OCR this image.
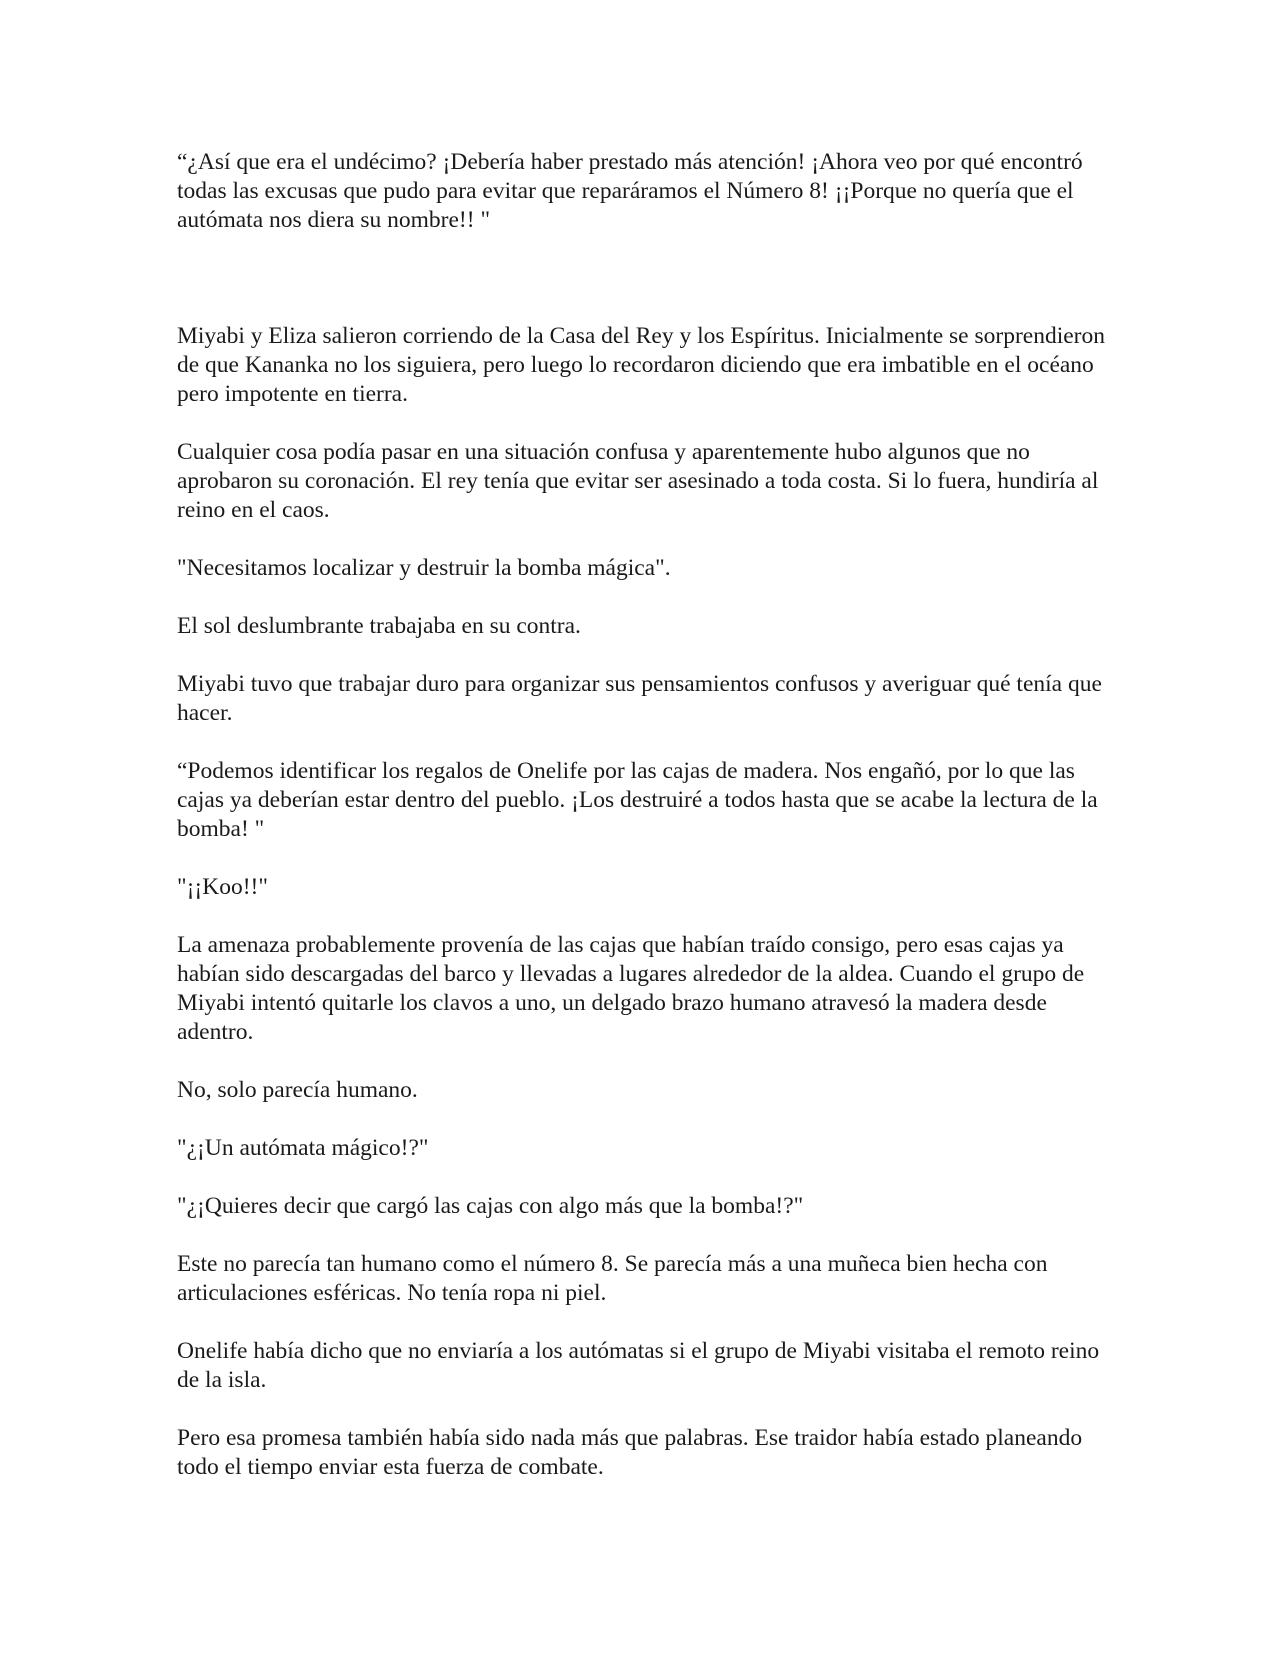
“¿Así que era el undécimo? ¡Debería haber prestado más atención! ¡Ahora veo por qué encontró todas las excusas que pudo para evitar que reparáramos el Número 8! ¡¡Porque no quería que el autómata nos diera su nombre!! "

Miyabi y Eliza salieron corriendo de la Casa del Rey y los Espíritus. Inicialmente se sorprendieron de que Kananka no los siguiera, pero luego lo recordaron diciendo que era imbatible en el océano pero impotente en tierra.

Cualquier cosa podía pasar en una situación confusa y aparentemente hubo algunos que no aprobaron su coronación. El rey tenía que evitar ser asesinado a toda costa. Si lo fuera, hundiría al reino en el caos.

"Necesitamos localizar y destruir la bomba mágica".

El sol deslumbrante trabajaba en su contra.

Miyabi tuvo que trabajar duro para organizar sus pensamientos confusos y averiguar qué tenía que hacer.

“Podemos identificar los regalos de Onelife por las cajas de madera. Nos engañó, por lo que las cajas ya deberían estar dentro del pueblo. ¡Los destruiré a todos hasta que se acabe la lectura de la bomba! "

"¡¡Koo!!"

La amenaza probablemente provenía de las cajas que habían traído consigo, pero esas cajas ya habían sido descargadas del barco y llevadas a lugares alrededor de la aldea. Cuando el grupo de Miyabi intentó quitarle los clavos a uno, un delgado brazo humano atravesó la madera desde adentro.

No, solo parecía humano.

"¿¡Un autómata mágico!?"

"¿¡Quieres decir que cargó las cajas con algo más que la bomba!?"

Este no parecía tan humano como el número 8. Se parecía más a una muñeca bien hecha con articulaciones esféricas. No tenía ropa ni piel.

Onelife había dicho que no enviaría a los autómatas si el grupo de Miyabi visitaba el remoto reino de la isla.

Pero esa promesa también había sido nada más que palabras. Ese traidor había estado planeando todo el tiempo enviar esta fuerza de combate.
